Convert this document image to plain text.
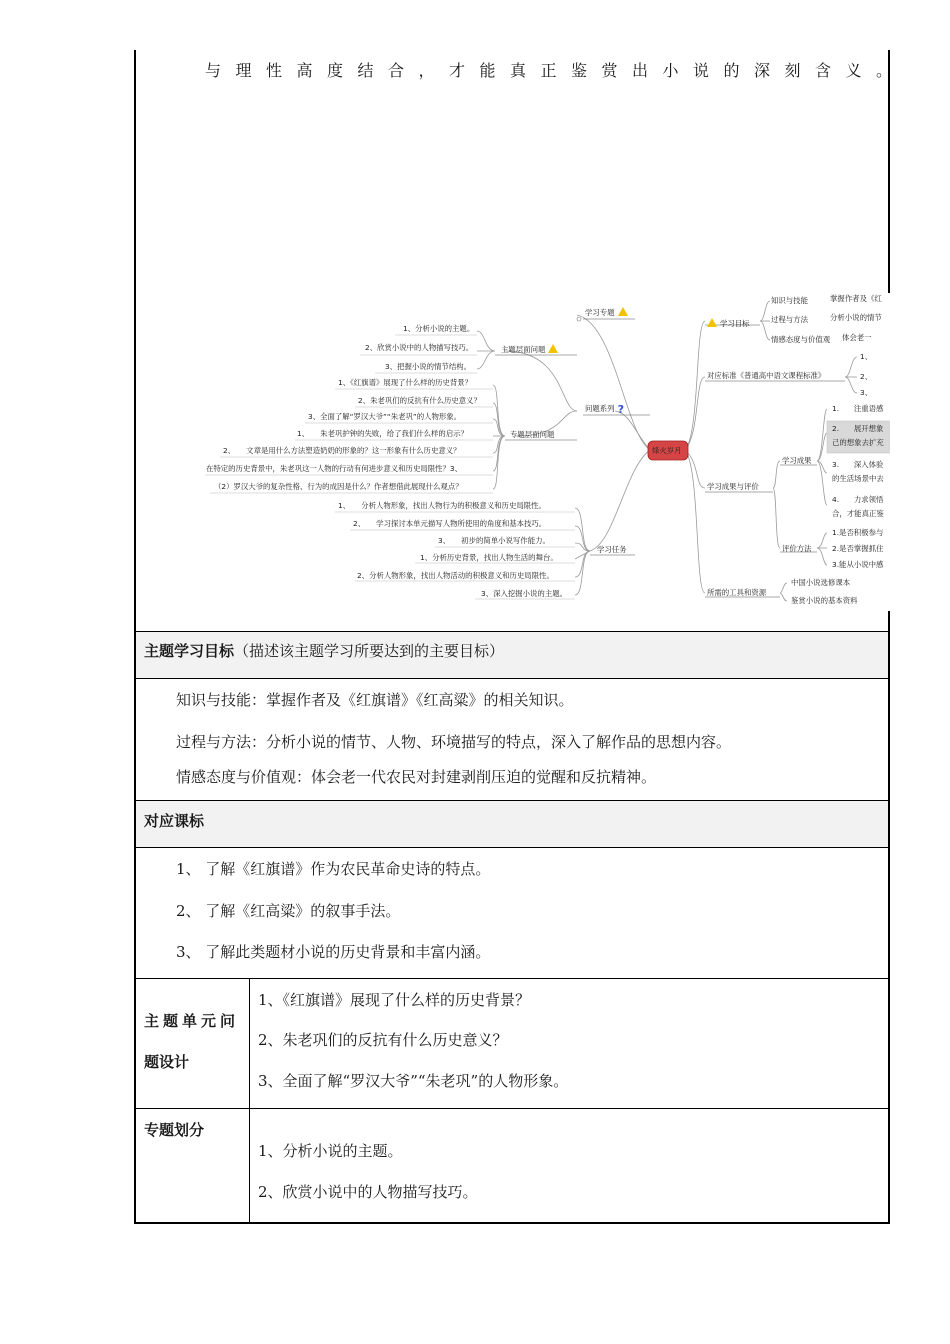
与理性高度结合，才能真正鉴赏出小说的深刻含义。
烽火岁月
学习专题
问题系列 ?
主题层面问题
1、分析小说的主题。
2、欣赏小说中的人物描写技巧。
3、把握小说的情节结构。
专题层面问题
1、《红旗谱》展现了什么样的历史背景？
2、朱老巩们的反抗有什么历史意义？
3、全面了解“罗汉大爷”“朱老巩”的人物形象。
1、　　朱老巩护钟的失败，给了我们什么样的启示？
2、　　文章是用什么方法塑造奶奶的形象的？这一形象有什么历史意义？
在特定的历史背景中，朱老巩这一人物的行动有何进步意义和历史局限性？3、
（2）罗汉大爷的复杂性格、行为的成因是什么？作者想借此展现什么观点？
学习任务
1、　　分析人物形象，找出人物行为的积极意义和历史局限性。
2、　　学习探讨本单元描写人物所使用的角度和基本技巧。
3、　　初步的简单小说写作能力。
1、分析历史背景，找出人物生活的舞台。
2、分析人物形象，找出人物活动的积极意义和历史局限性。
3、深入挖掘小说的主题。
学习目标
知识与技能	掌握作者及《红
过程与方法	分析小说的情节
情感态度与价值观 体会老一
对应标准《普通高中语文课程标准》
1、
2、
3、
学习成果与评价
学习成果
1.　　注重语感
2.　　展开想象
己的想象去扩充
3.　　深入体验
的生活场景中去
4.　　力求领悟
合，才能真正鉴
评价方法
1.是否积极参与
2.是否掌握抓住
3.能从小说中感
所需的工具和资源
中国小说选修课本
鉴赏小说的基本资料
主题学习目标（描述该主题学习所要达到的主要目标）
知识与技能：掌握作者及《红旗谱》《红高粱》的相关知识。
过程与方法：分析小说的情节、人物、环境描写的特点，深入了解作品的思想内容。
情感态度与价值观：体会老一代农民对封建剥削压迫的觉醒和反抗精神。
对应课标
1、 了解《红旗谱》作为农民革命史诗的特点。
2、 了解《红高粱》的叙事手法。
3、 了解此类题材小说的历史背景和丰富内涵。
主题单元问
题设计
1、《红旗谱》展现了什么样的历史背景？
2、朱老巩们的反抗有什么历史意义？
3、全面了解“罗汉大爷”“朱老巩”的人物形象。
专题划分
1、分析小说的主题。
2、欣赏小说中的人物描写技巧。
